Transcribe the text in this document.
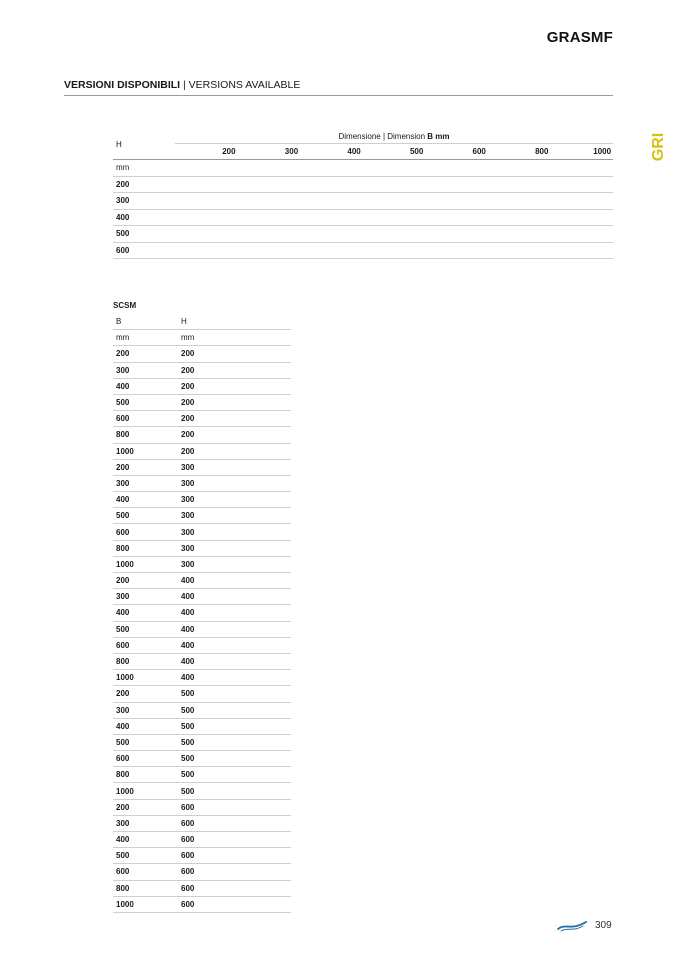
GRASMF
VERSIONI DISPONIBILI | VERSIONS AVAILABLE
GRI
H
Dimensione | Dimension B mm
200	300	400	500	600	800	1000
mm
200
300
400
500
600
SCSM
B	H
mm	mm
200	200
300	200
400	200
500	200
600	200
800	200
1000	200
200	300
300	300
400	300
500	300
600	300
800	300
1000	300
200	400
300	400
400	400
500	400
600	400
800	400
1000	400
200	500
300	500
400	500
500	500
600	500
800	500
1000	500
200	600
300	600
400	600
500	600
600	600
800	600
1000	600
309
